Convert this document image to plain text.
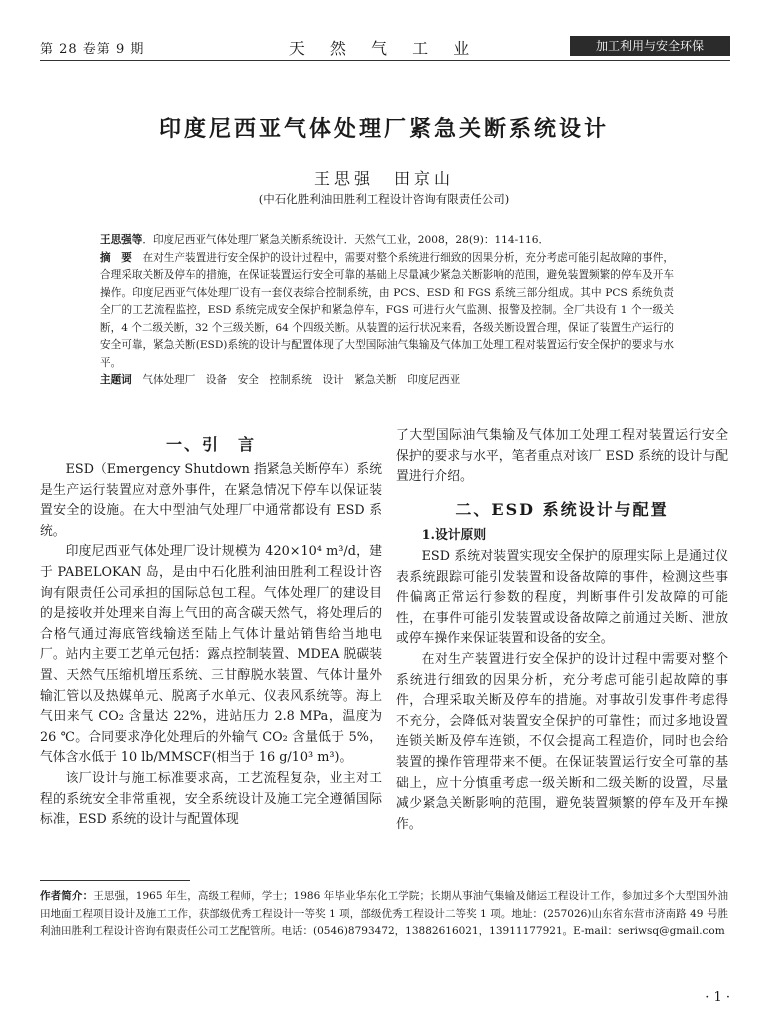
第 28 卷第 9 期	天 然 气 工 业	加工利用与安全环保
印度尼西亚气体处理厂紧急关断系统设计
王思强　田京山
(中石化胜利油田胜利工程设计咨询有限责任公司)
王思强等．印度尼西亚气体处理厂紧急关断系统设计．天然气工业，2008，28(9)：114-116．
摘　要　在对生产装置进行安全保护的设计过程中，需要对整个系统进行细致的因果分析，充分考虑可能引起故障的事件，合理采取关断及停车的措施，在保证装置运行安全可靠的基础上尽量减少紧急关断影响的范围，避免装置频繁的停车及开车操作。印度尼西亚气体处理厂设有一套仪表综合控制系统，由 PCS、ESD 和 FGS 系统三部分组成。其中 PCS 系统负责全厂的工艺流程监控，ESD 系统完成安全保护和紧急停车，FGS 可进行火气监测、报警及控制。全厂共设有 1 个一级关断，4 个二级关断，32 个三级关断，64 个四级关断。从装置的运行状况来看，各级关断设置合理，保证了装置生产运行的安全可靠，紧急关断(ESD)系统的设计与配置体现了大型国际油气集输及气体加工处理工程对装置运行安全保护的要求与水平。
主题词　气体处理厂　设备　安全　控制系统　设计　紧急关断　印度尼西亚
一、引　言

ESD（Emergency Shutdown 指紧急关断停车）系统是生产运行装置应对意外事件，在紧急情况下停车以保证装置安全的设施。在大中型油气处理厂中通常都设有 ESD 系统。

印度尼西亚气体处理厂设计规模为 420×10⁴ m³/d，建于 PABELOKAN 岛，是由中石化胜利油田胜利工程设计咨询有限责任公司承担的国际总包工程。气体处理厂的建设目的是接收并处理来自海上气田的高含碳天然气，将处理后的合格气通过海底管线输送至陆上气体计量站销售给当地电厂。站内主要工艺单元包括：露点控制装置、MDEA 脱碳装置、天然气压缩机增压系统、三甘醇脱水装置、气体计量外输汇管以及热媒单元、脱离子水单元、仪表风系统等。海上气田来气 CO₂ 含量达 22%，进站压力 2.8 MPa，温度为 26 ℃。合同要求净化处理后的外输气 CO₂ 含量低于 5%，气体含水低于 10 lb/MMSCF(相当于 16 g/10³ m³)。

该厂设计与施工标准要求高，工艺流程复杂，业主对工程的系统安全非常重视，安全系统设计及施工完全遵循国际标准，ESD 系统的设计与配置体现

了大型国际油气集输及气体加工处理工程对装置运行安全保护的要求与水平，笔者重点对该厂 ESD 系统的设计与配置进行介绍。

二、ESD 系统设计与配置
1.设计原则

ESD 系统对装置实现安全保护的原理实际上是通过仪表系统跟踪可能引发装置和设备故障的事件，检测这些事件偏离正常运行参数的程度，判断事件引发故障的可能性，在事件可能引发装置或设备故障之前通过关断、泄放或停车操作来保证装置和设备的安全。

在对生产装置进行安全保护的设计过程中需要对整个系统进行细致的因果分析，充分考虑可能引起故障的事件，合理采取关断及停车的措施。对事故引发事件考虑得不充分，会降低对装置安全保护的可靠性；而过多地设置连锁关断及停车连锁，不仅会提高工程造价，同时也会给装置的操作管理带来不便。在保证装置运行安全可靠的基础上，应十分慎重考虑一级关断和二级关断的设置，尽量减少紧急关断影响的范围，避免装置频繁的停车及开车操作。

作者简介：王思强，1965 年生，高级工程师，学士；1986 年毕业华东化工学院；长期从事油气集输及储运工程设计工作，参加过多个大型国外油田地面工程项目设计及施工工作，获部级优秀工程设计一等奖 1 项，部级优秀工程设计二等奖 1 项。地址：(257026)山东省东营市济南路 49 号胜利油田胜利工程设计咨询有限责任公司工艺配管所。电话：(0546)8793472，13882616021，13911177921。E-mail：seriwsq@gmail.com
· 1 ·
